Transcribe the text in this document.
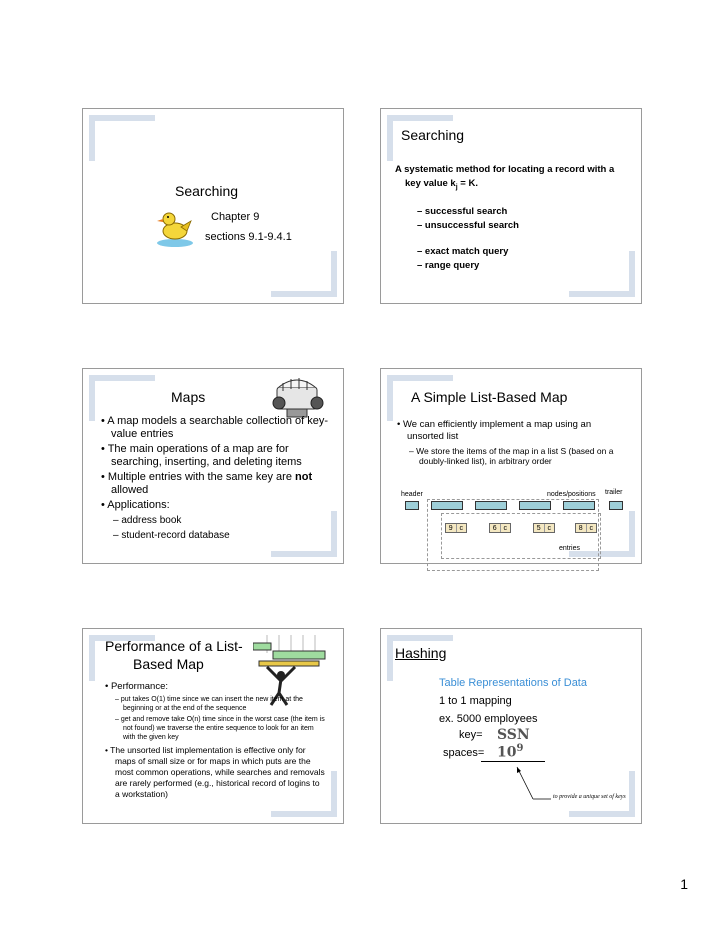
Searching
Chapter 9
sections 9.1-9.4.1
Searching
A systematic method for locating a record with a
key value $k_j = K$.
– successful search
– unsuccessful search
– exact match query
– range query
Maps
• A map models a searchable collection of key-value entries
• The main operations of a map are for searching, inserting, and deleting items
• Multiple entries with the same key are not allowed
• Applications:
– address book
– student-record database
A Simple List-Based Map
• We can efficiently implement a map using an unsorted list
– We store the items of the map in a list S (based on a doubly-linked list), in arbitrary order
header	nodes/positions trailer
9 c	6 c	5 c	8 c
entries
Performance of a List-
Based Map
• Performance:
– put takes O(1) time since we can insert the new item at the beginning or at the end of the sequence
– get and remove take O(n) time since in the worst case (the item is not found) we traverse the entire sequence to look for an item with the given key
• The unsorted list implementation is effective only for maps of small size or for maps in which puts are the most common operations, while searches and removals are rarely performed (e.g., historical record of logins to a workstation)
Hashing
Table Representations of Data
1 to 1 mapping
ex. 5000 employees
key=
spaces=
SSN
$10^9$
to provide a unique set of keys
1
